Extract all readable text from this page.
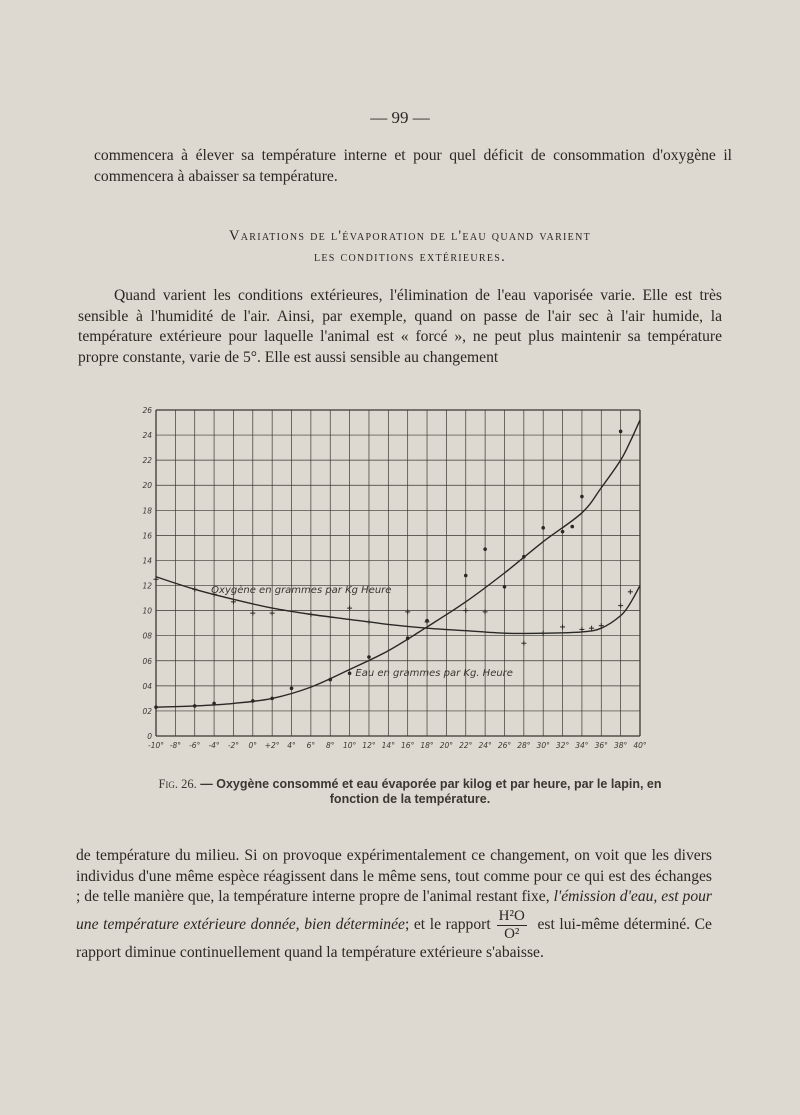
— 99 —

commencera à élever sa température interne et pour quel déficit de consommation d'oxygène il commencera à abaisser sa température.

Variations de l'évaporation de l'eau quand varient
les conditions extérieures.

Quand varient les conditions extérieures, l'élimination de l'eau vaporisée varie. Elle est très sensible à l'humidité de l'air. Ainsi, par exemple, quand on passe de l'air sec à l'air humide, la température extérieure pour laquelle l'animal est « forcé », ne peut plus maintenir sa température propre constante, varie de 5°. Elle est aussi sensible au changement

-10° -8° -6° -4° -2° 0° +2° 4° 6° 8° 10° 12° 14° 16° 18° 20° 22° 24° 26° 28° 30° 32° 34° 36° 38° 40°
0
02
04
06
08
10
12
14
16
18
20
22
24
26
Oxygène en grammes par Kg Heure
Eau en grammes par Kg. Heure
Fig. 26. — Oxygène consommé et eau évaporée par kilog et par heure, par le lapin, en fonction de la température.

de température du milieu. Si on provoque expérimentalement ce changement, on voit que les divers individus d'une même espèce réagissent dans le même sens, tout comme pour ce qui est des échanges ; de telle manière que, la température interne propre de l'animal restant fixe, l'émission d'eau, est pour une température extérieure donnée, bien déterminée; et le rapport $\frac{\text{H²O}}{\text{O²}}$ est lui-même déterminé. Ce rapport diminue continuellement quand la température extérieure s'abaisse.
